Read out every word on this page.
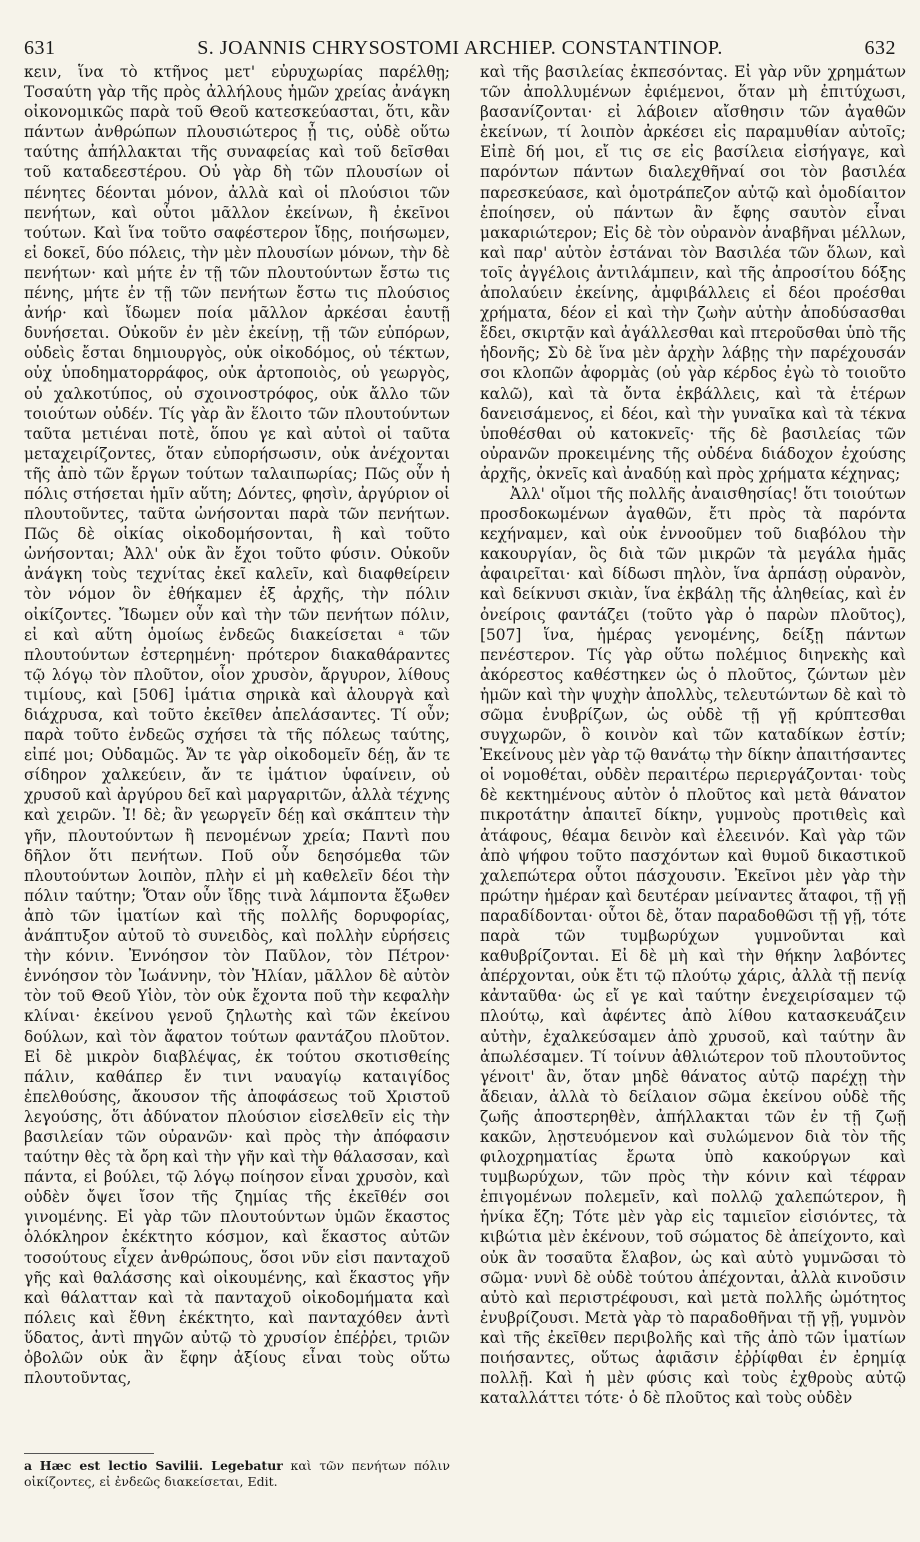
631	S. JOANNIS CHRYSOSTOMI ARCHIEP. CONSTANTINOP.	632

κειν, ἵνα τὸ κτῆνος μετ' εὐρυχωρίας παρέλθῃ; Τοσαύτη γὰρ τῆς πρὸς ἀλλήλους ἡμῶν χρείας ἀνάγκη οἰκονομικῶς παρὰ τοῦ Θεοῦ κατεσκεύασται, ὅτι, κἂν πάντων ἀνθρώπων πλουσιώτερος ᾖ τις, οὐδὲ οὕτω ταύτης ἀπήλλακται τῆς συναφείας καὶ τοῦ δεῖσθαι τοῦ καταδεεστέρου. Οὐ γὰρ δὴ τῶν πλουσίων οἱ πένητες δέονται μόνον, ἀλλὰ καὶ οἱ πλούσιοι τῶν πενήτων, καὶ οὗτοι μᾶλλον ἐκείνων, ἢ ἐκεῖνοι τούτων. Καὶ ἵνα τοῦτο σαφέστερον ἴδῃς, ποιήσωμεν, εἰ δοκεῖ, δύο πόλεις, τὴν μὲν πλουσίων μόνων, τὴν δὲ πενήτων· καὶ μήτε ἐν τῇ τῶν πλουτούντων ἔστω τις πένης, μήτε ἐν τῇ τῶν πενήτων ἔστω τις πλούσιος ἀνήρ· καὶ ἴδωμεν ποία μᾶλλον ἀρκέσαι ἑαυτῇ δυνήσεται. Οὐκοῦν ἐν μὲν ἐκείνῃ, τῇ τῶν εὐπόρων, οὐδεὶς ἔσται δημιουργὸς, οὐκ οἰκοδόμος, οὐ τέκτων, οὐχ ὑποδηματορράφος, οὐκ ἀρτοποιὸς, οὐ γεωργὸς, οὐ χαλκοτύπος, οὐ σχοινοστρόφος, οὐκ ἄλλο τῶν τοιούτων οὐδέν. Τίς γὰρ ἂν ἕλοιτο τῶν πλουτούντων ταῦτα μετιέναι ποτὲ, ὅπου γε καὶ αὐτοὶ οἱ ταῦτα μεταχειρίζοντες, ὅταν εὐπορήσωσιν, οὐκ ἀνέχονται τῆς ἀπὸ τῶν ἔργων τούτων ταλαιπωρίας; Πῶς οὖν ἡ πόλις στήσεται ἡμῖν αὕτη; Δόντες, φησὶν, ἀργύριον οἱ πλουτοῦντες, ταῦτα ὠνήσονται παρὰ τῶν πενήτων. Πῶς δὲ οἰκίας οἰκοδομήσονται, ἢ καὶ τοῦτο ὠνήσονται; Ἀλλ' οὐκ ἂν ἔχοι τοῦτο φύσιν. Οὐκοῦν ἀνάγκη τοὺς τεχνίτας ἐκεῖ καλεῖν, καὶ διαφθείρειν τὸν νόμον ὃν ἐθήκαμεν ἐξ ἀρχῆς, τὴν πόλιν οἰκίζοντες. Ἴδωμεν οὖν καὶ τὴν τῶν πενήτων πόλιν, εἰ καὶ αὕτη ὁμοίως ἐνδεῶς διακείσεται ᵃ τῶν πλουτούντων ἐστερημένη· πρότερον διακαθάραντες τῷ λόγῳ τὸν πλοῦτον, οἷον χρυσὸν, ἄργυρον, λίθους τιμίους, καὶ [506] ἱμάτια σηρικὰ καὶ ἁλουργὰ καὶ διάχρυσα, καὶ τοῦτο ἐκεῖθεν ἀπελάσαντες. Τί οὖν; παρὰ τοῦτο ἐνδεῶς σχήσει τὰ τῆς πόλεως ταύτης, εἰπέ μοι; Οὐδαμῶς. Ἄν τε γὰρ οἰκοδομεῖν δέῃ, ἄν τε σίδηρον χαλκεύειν, ἄν τε ἱμάτιον ὑφαίνειν, οὐ χρυσοῦ καὶ ἀργύρου δεῖ καὶ μαργαριτῶν, ἀλλὰ τέχνης καὶ χειρῶν. Ἰ! δὲ; ἂν γεωργεῖν δέῃ καὶ σκάπτειν τὴν γῆν, πλουτούντων ἢ πενομένων χρεία; Παντὶ που δῆλον ὅτι πενήτων. Ποῦ οὖν δεησόμεθα τῶν πλουτούντων λοιπὸν, πλὴν εἰ μὴ καθελεῖν δέοι τὴν πόλιν ταύτην; Ὅταν οὖν ἴδῃς τινὰ λάμποντα ἔξωθεν ἀπὸ τῶν ἱματίων καὶ τῆς πολλῆς δορυφορίας, ἀνάπτυξον αὐτοῦ τὸ συνειδὸς, καὶ πολλὴν εὑρήσεις τὴν κόνιν. Ἐννόησον τὸν Παῦλον, τὸν Πέτρον· ἐννόησον τὸν Ἰωάννην, τὸν Ἠλίαν, μᾶλλον δὲ αὐτὸν τὸν τοῦ Θεοῦ Υἱὸν, τὸν οὐκ ἔχοντα ποῦ τὴν κεφαλὴν κλίναι· ἐκείνου γενοῦ ζηλωτὴς καὶ τῶν ἐκείνου δούλων, καὶ τὸν ἄφατον τούτων φαντάζου πλοῦτον. Εἰ δὲ μικρὸν διαβλέψας, ἐκ τούτου σκοτισθείης πάλιν, καθάπερ ἔν τινι ναυαγίῳ καταιγίδος ἐπελθούσης, ἄκουσον τῆς ἀποφάσεως τοῦ Χριστοῦ λεγούσης, ὅτι ἀδύνατον πλούσιον εἰσελθεῖν εἰς τὴν βασιλείαν τῶν οὐρανῶν· καὶ πρὸς τὴν ἀπόφασιν ταύτην θὲς τὰ ὄρη καὶ τὴν γῆν καὶ τὴν θάλασσαν, καὶ πάντα, εἰ βούλει, τῷ λόγῳ ποίησον εἶναι χρυσὸν, καὶ οὐδὲν ὄψει ἴσον τῆς ζημίας τῆς ἐκεῖθέν σοι γινομένης. Εἰ γὰρ τῶν πλουτούντων ὑμῶν ἕκαστος ὁλόκληρον ἐκέκτητο κόσμον, καὶ ἕκαστος αὐτῶν τοσούτους εἶχεν ἀνθρώπους, ὅσοι νῦν εἰσι πανταχοῦ γῆς καὶ θαλάσσης καὶ οἰκουμένης, καὶ ἕκαστος γῆν καὶ θάλατταν καὶ τὰ πανταχοῦ οἰκοδομήματα καὶ πόλεις καὶ ἔθνη ἐκέκτητο, καὶ πανταχόθεν ἀντὶ ὕδατος, ἀντὶ πηγῶν αὐτῷ τὸ χρυσίον ἐπέῤῥει, τριῶν ὀβολῶν οὐκ ἂν ἔφην ἀξίους εἶναι τοὺς οὕτω πλουτοῦντας,

καὶ τῆς βασιλείας ἐκπεσόντας. Εἰ γὰρ νῦν χρημάτων τῶν ἀπολλυμένων ἐφιέμενοι, ὅταν μὴ ἐπιτύχωσι, βασανίζονται· εἰ λάβοιεν αἴσθησιν τῶν ἀγαθῶν ἐκείνων, τί λοιπὸν ἀρκέσει εἰς παραμυθίαν αὐτοῖς; Εἰπὲ δή μοι, εἴ τις σε εἰς βασίλεια εἰσήγαγε, καὶ παρόντων πάντων διαλεχθῆναί σοι τὸν βασιλέα παρεσκεύασε, καὶ ὁμοτράπεζον αὐτῷ καὶ ὁμοδίαιτον ἐποίησεν, οὐ πάντων ἂν ἔφης σαυτὸν εἶναι μακαριώτερον; Εἰς δὲ τὸν οὐρανὸν ἀναβῆναι μέλλων, καὶ παρ' αὐτὸν ἑστάναι τὸν Βασιλέα τῶν ὅλων, καὶ τοῖς ἀγγέλοις ἀντιλάμπειν, καὶ τῆς ἀπροσίτου δόξης ἀπολαύειν ἐκείνης, ἀμφιβάλλεις εἰ δέοι προέσθαι χρήματα, δέον εἰ καὶ τὴν ζωὴν αὐτὴν ἀποδύσασθαι ἔδει, σκιρτᾷν καὶ ἀγάλλεσθαι καὶ πτεροῦσθαι ὑπὸ τῆς ἡδονῆς; Σὺ δὲ ἵνα μὲν ἀρχὴν λάβῃς τὴν παρέχουσάν σοι κλοπῶν ἀφορμὰς (οὐ γὰρ κέρδος ἐγὼ τὸ τοιοῦτο καλῶ), καὶ τὰ ὄντα ἐκβάλλεις, καὶ τὰ ἑτέρων δανεισάμενος, εἰ δέοι, καὶ τὴν γυναῖκα καὶ τὰ τέκνα ὑποθέσθαι οὐ κατοκνεῖς· τῆς δὲ βασιλείας τῶν οὐρανῶν προκειμένης τῆς οὐδένα διάδοχον ἐχούσης ἀρχῆς, ὀκνεῖς καὶ ἀναδύῃ καὶ πρὸς χρήματα κέχηνας;

Ἀλλ' οἴμοι τῆς πολλῆς ἀναισθησίας! ὅτι τοιούτων προσδοκωμένων ἀγαθῶν, ἔτι πρὸς τὰ παρόντα κεχήναμεν, καὶ οὐκ ἐννοοῦμεν τοῦ διαβόλου τὴν κακουργίαν, ὃς διὰ τῶν μικρῶν τὰ μεγάλα ἡμᾶς ἀφαιρεῖται· καὶ δίδωσι πηλὸν, ἵνα ἁρπάσῃ οὐρανὸν, καὶ δείκνυσι σκιὰν, ἵνα ἐκβάλῃ τῆς ἀληθείας, καὶ ἐν ὀνείροις φαντάζει (τοῦτο γὰρ ὁ παρὼν πλοῦτος), [507] ἵνα, ἡμέρας γενομένης, δείξῃ πάντων πενέστερον. Τίς γὰρ οὕτω πολέμιος διηνεκὴς καὶ ἀκόρεστος καθέστηκεν ὡς ὁ πλοῦτος, ζώντων μὲν ἡμῶν καὶ τὴν ψυχὴν ἀπολλὺς, τελευτώντων δὲ καὶ τὸ σῶμα ἐνυβρίζων, ὡς οὐδὲ τῇ γῇ κρύπτεσθαι συγχωρῶν, ὃ κοινὸν καὶ τῶν καταδίκων ἐστίν; Ἐκείνους μὲν γὰρ τῷ θανάτῳ τὴν δίκην ἀπαιτήσαντες οἱ νομοθέται, οὐδὲν περαιτέρω περιεργάζονται· τοὺς δὲ κεκτημένους αὐτὸν ὁ πλοῦτος καὶ μετὰ θάνατον πικροτάτην ἀπαιτεῖ δίκην, γυμνοὺς προτιθεὶς καὶ ἀτάφους, θέαμα δεινὸν καὶ ἐλεεινόν. Καὶ γὰρ τῶν ἀπὸ ψήφου τοῦτο πασχόντων καὶ θυμοῦ δικαστικοῦ χαλεπώτερα οὗτοι πάσχουσιν. Ἐκεῖνοι μὲν γὰρ τὴν πρώτην ἡμέραν καὶ δευτέραν μείναντες ἄταφοι, τῇ γῇ παραδίδονται· οὗτοι δὲ, ὅταν παραδοθῶσι τῇ γῇ, τότε παρὰ τῶν τυμβωρύχων γυμνοῦνται καὶ καθυβρίζονται. Εἰ δὲ μὴ καὶ τὴν θήκην λαβόντες ἀπέρχονται, οὐκ ἔτι τῷ πλούτῳ χάρις, ἀλλὰ τῇ πενίᾳ κἀνταῦθα· ὡς εἴ γε καὶ ταύτην ἐνεχειρίσαμεν τῷ πλούτῳ, καὶ ἀφέντες ἀπὸ λίθου κατασκευάζειν αὐτὴν, ἐχαλκεύσαμεν ἀπὸ χρυσοῦ, καὶ ταύτην ἂν ἀπωλέσαμεν. Τί τοίνυν ἀθλιώτερον τοῦ πλουτοῦντος γένοιτ' ἂν, ὅταν μηδὲ θάνατος αὐτῷ παρέχῃ τὴν ἄδειαν, ἀλλὰ τὸ δείλαιον σῶμα ἐκείνου οὐδὲ τῆς ζωῆς ἀποστερηθὲν, ἀπήλλακται τῶν ἐν τῇ ζωῇ κακῶν, λῃστευόμενον καὶ συλώμενον διὰ τὸν τῆς φιλοχρηματίας ἔρωτα ὑπὸ κακούργων καὶ τυμβωρύχων, τῶν πρὸς τὴν κόνιν καὶ τέφραν ἐπιγομένων πολεμεῖν, καὶ πολλῷ χαλεπώτερον, ἢ ἡνίκα ἔζη; Τότε μὲν γὰρ εἰς ταμιεῖον εἰσιόντες, τὰ κιβώτια μὲν ἐκένουν, τοῦ σώματος δὲ ἀπείχοντο, καὶ οὐκ ἂν τοσαῦτα ἔλαβον, ὡς καὶ αὐτὸ γυμνῶσαι τὸ σῶμα· νυνὶ δὲ οὐδὲ τούτου ἀπέχονται, ἀλλὰ κινοῦσιν αὐτὸ καὶ περιστρέφουσι, καὶ μετὰ πολλῆς ὠμότητος ἐνυβρίζουσι. Μετὰ γὰρ τὸ παραδοθῆναι τῇ γῇ, γυμνὸν καὶ τῆς ἐκεῖθεν περιβολῆς καὶ τῆς ἀπὸ τῶν ἱματίων ποιήσαντες, οὕτως ἀφιᾶσιν ἐῤῥίφθαι ἐν ἐρημίᾳ πολλῇ. Καὶ ἡ μὲν φύσις καὶ τοὺς ἐχθροὺς αὐτῷ καταλλάττει τότε· ὁ δὲ πλοῦτος καὶ τοὺς οὐδὲν

a Hæc est lectio Savilii. Legebatur καὶ τῶν πενήτων πόλιν οἰκίζοντες, εἰ ἐνδεῶς διακείσεται, Edit.
